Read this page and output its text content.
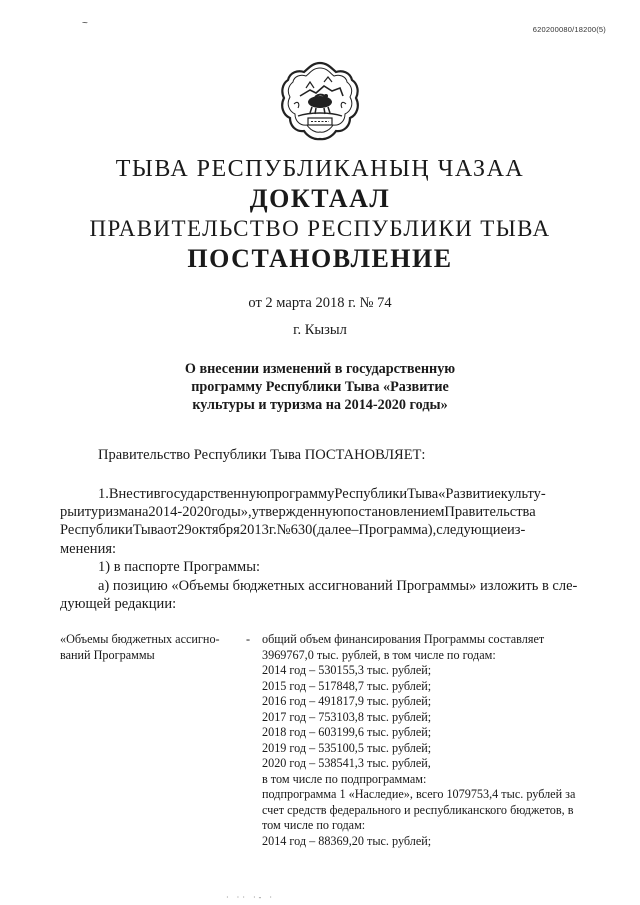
~
620200080/18200(5)
ТЫВА РЕСПУБЛИКАНЫҢ ЧАЗАА
ДОКТААЛ
ПРАВИТЕЛЬСТВО РЕСПУБЛИКИ ТЫВА
ПОСТАНОВЛЕНИЕ
от 2 марта 2018 г. № 74
г. Кызыл
О внесении изменений в государственную
программу Республики Тыва «Развитие
культуры и туризма на 2014-2020 годы»
Правительство Республики Тыва ПОСТАНОВЛЯЕТ:
1.ВнестивгосударственнуюпрограммуРеспубликиТыва«Развитиекульту-
рыитуризмана2014-2020годы»,утвержденнуюпостановлениемПравительства
РеспубликиТываот29октября2013г.№630(далее–Программа),следующиеиз-
менения:
1) в паспорте Программы:
а) позицию «Объемы бюджетных ассигнований Программы» изложить в сле-
дующей редакции:
«Объемы бюджетных ассигно-
ваний Программы
- общий объем финансирования Программы составляет
3969767,0 тыс. рублей, в том числе по годам:
2014 год – 530155,3 тыс. рублей;
2015 год – 517848,7 тыс. рублей;
2016 год – 491817,9 тыс. рублей;
2017 год – 753103,8 тыс. рублей;
2018 год – 603199,6 тыс. рублей;
2019 год – 535100,5 тыс. рублей;
2020 год – 538541,3 тыс. рублей,
в том числе по подпрограммам:
подпрограмма 1 «Наследие», всего 1079753,4 тыс. рублей за
счет средств федерального и республиканского бюджетов, в
том числе по годам:
2014 год – 88369,20 тыс. рублей;
· ·· ·- ·
